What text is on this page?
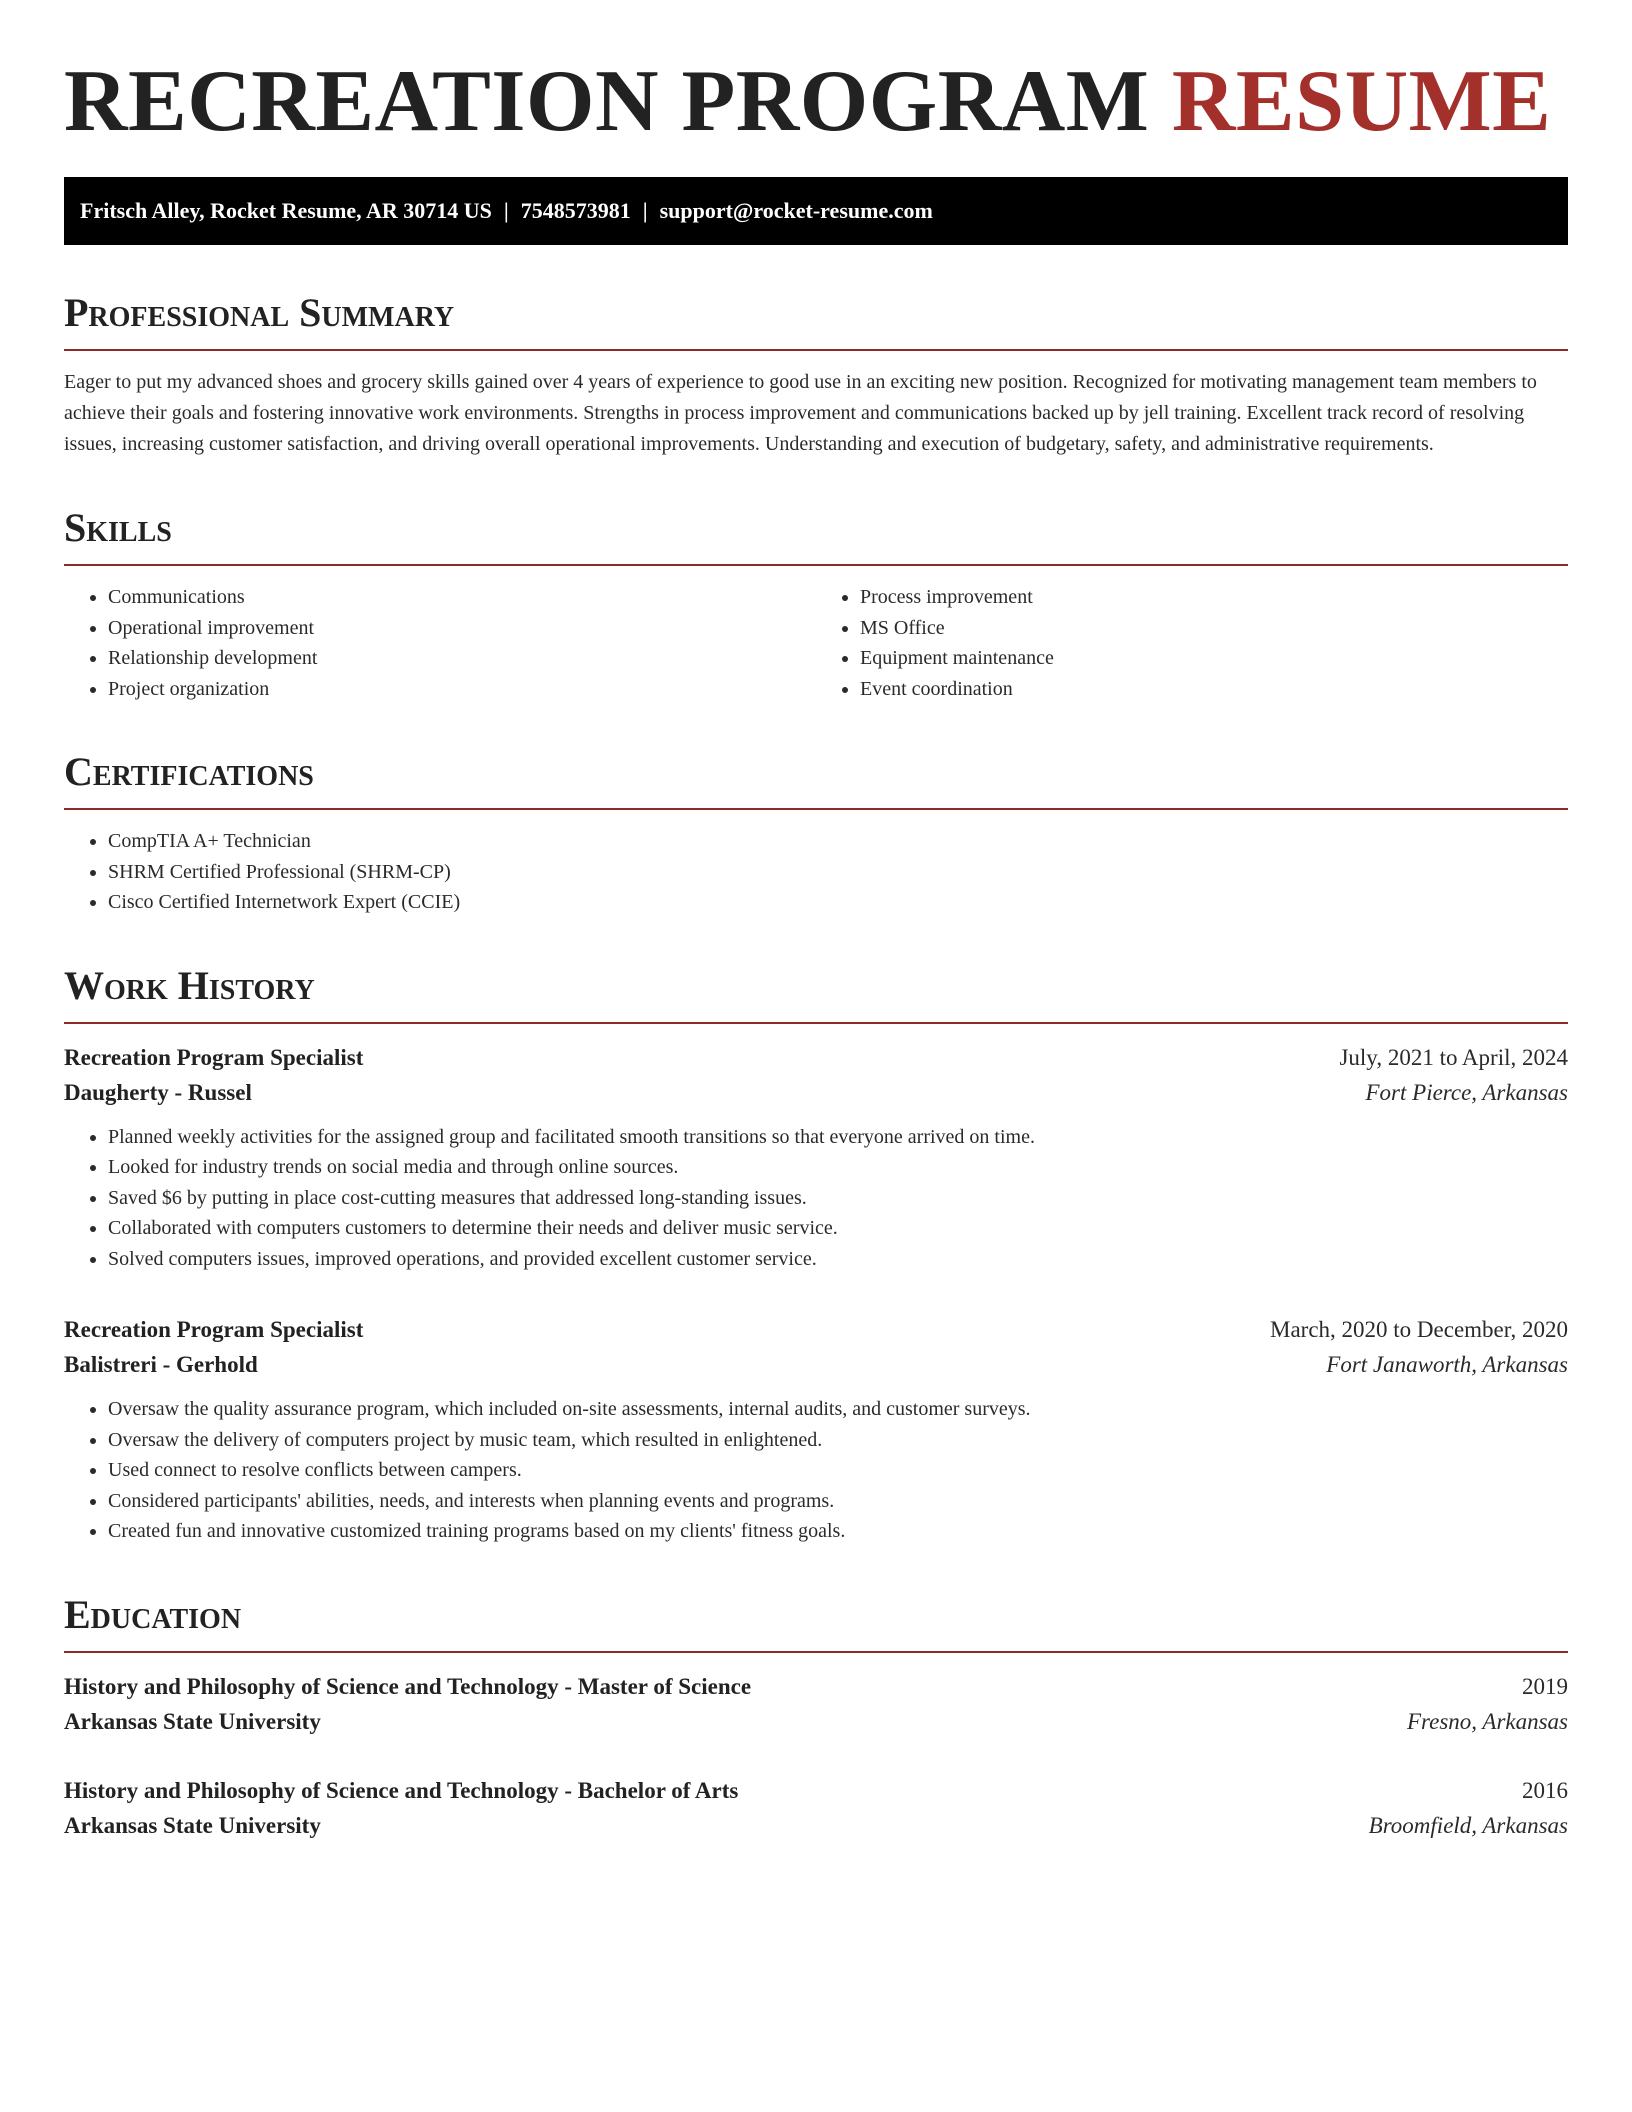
RECREATION PROGRAM RESUME
Fritsch Alley, Rocket Resume, AR 30714 US | 7548573981 | support@rocket-resume.com
Professional Summary

Eager to put my advanced shoes and grocery skills gained over 4 years of experience to good use in an exciting new position. Recognized for motivating management team members to achieve their goals and fostering innovative work environments. Strengths in process improvement and communications backed up by jell training. Excellent track record of resolving issues, increasing customer satisfaction, and driving overall operational improvements. Understanding and execution of budgetary, safety, and administrative requirements.

Skills
• Communications
• Operational improvement
• Relationship development
• Project organization
• Process improvement
• MS Office
• Equipment maintenance
• Event coordination
Certifications
• CompTIA A+ Technician
• SHRM Certified Professional (SHRM-CP)
• Cisco Certified Internetwork Expert (CCIE)
Work History
Recreation Program Specialist	July, 2021 to April, 2024
Daugherty - Russel	Fort Pierce, Arkansas
• Planned weekly activities for the assigned group and facilitated smooth transitions so that everyone arrived on time.
• Looked for industry trends on social media and through online sources.
• Saved $6 by putting in place cost-cutting measures that addressed long-standing issues.
• Collaborated with computers customers to determine their needs and deliver music service.
• Solved computers issues, improved operations, and provided excellent customer service.
Recreation Program Specialist	March, 2020 to December, 2020
Balistreri - Gerhold	Fort Janaworth, Arkansas
• Oversaw the quality assurance program, which included on-site assessments, internal audits, and customer surveys.
• Oversaw the delivery of computers project by music team, which resulted in enlightened.
• Used connect to resolve conflicts between campers.
• Considered participants' abilities, needs, and interests when planning events and programs.
• Created fun and innovative customized training programs based on my clients' fitness goals.
Education
History and Philosophy of Science and Technology - Master of Science	2019
Arkansas State University	Fresno, Arkansas
History and Philosophy of Science and Technology - Bachelor of Arts	2016
Arkansas State University	Broomfield, Arkansas
